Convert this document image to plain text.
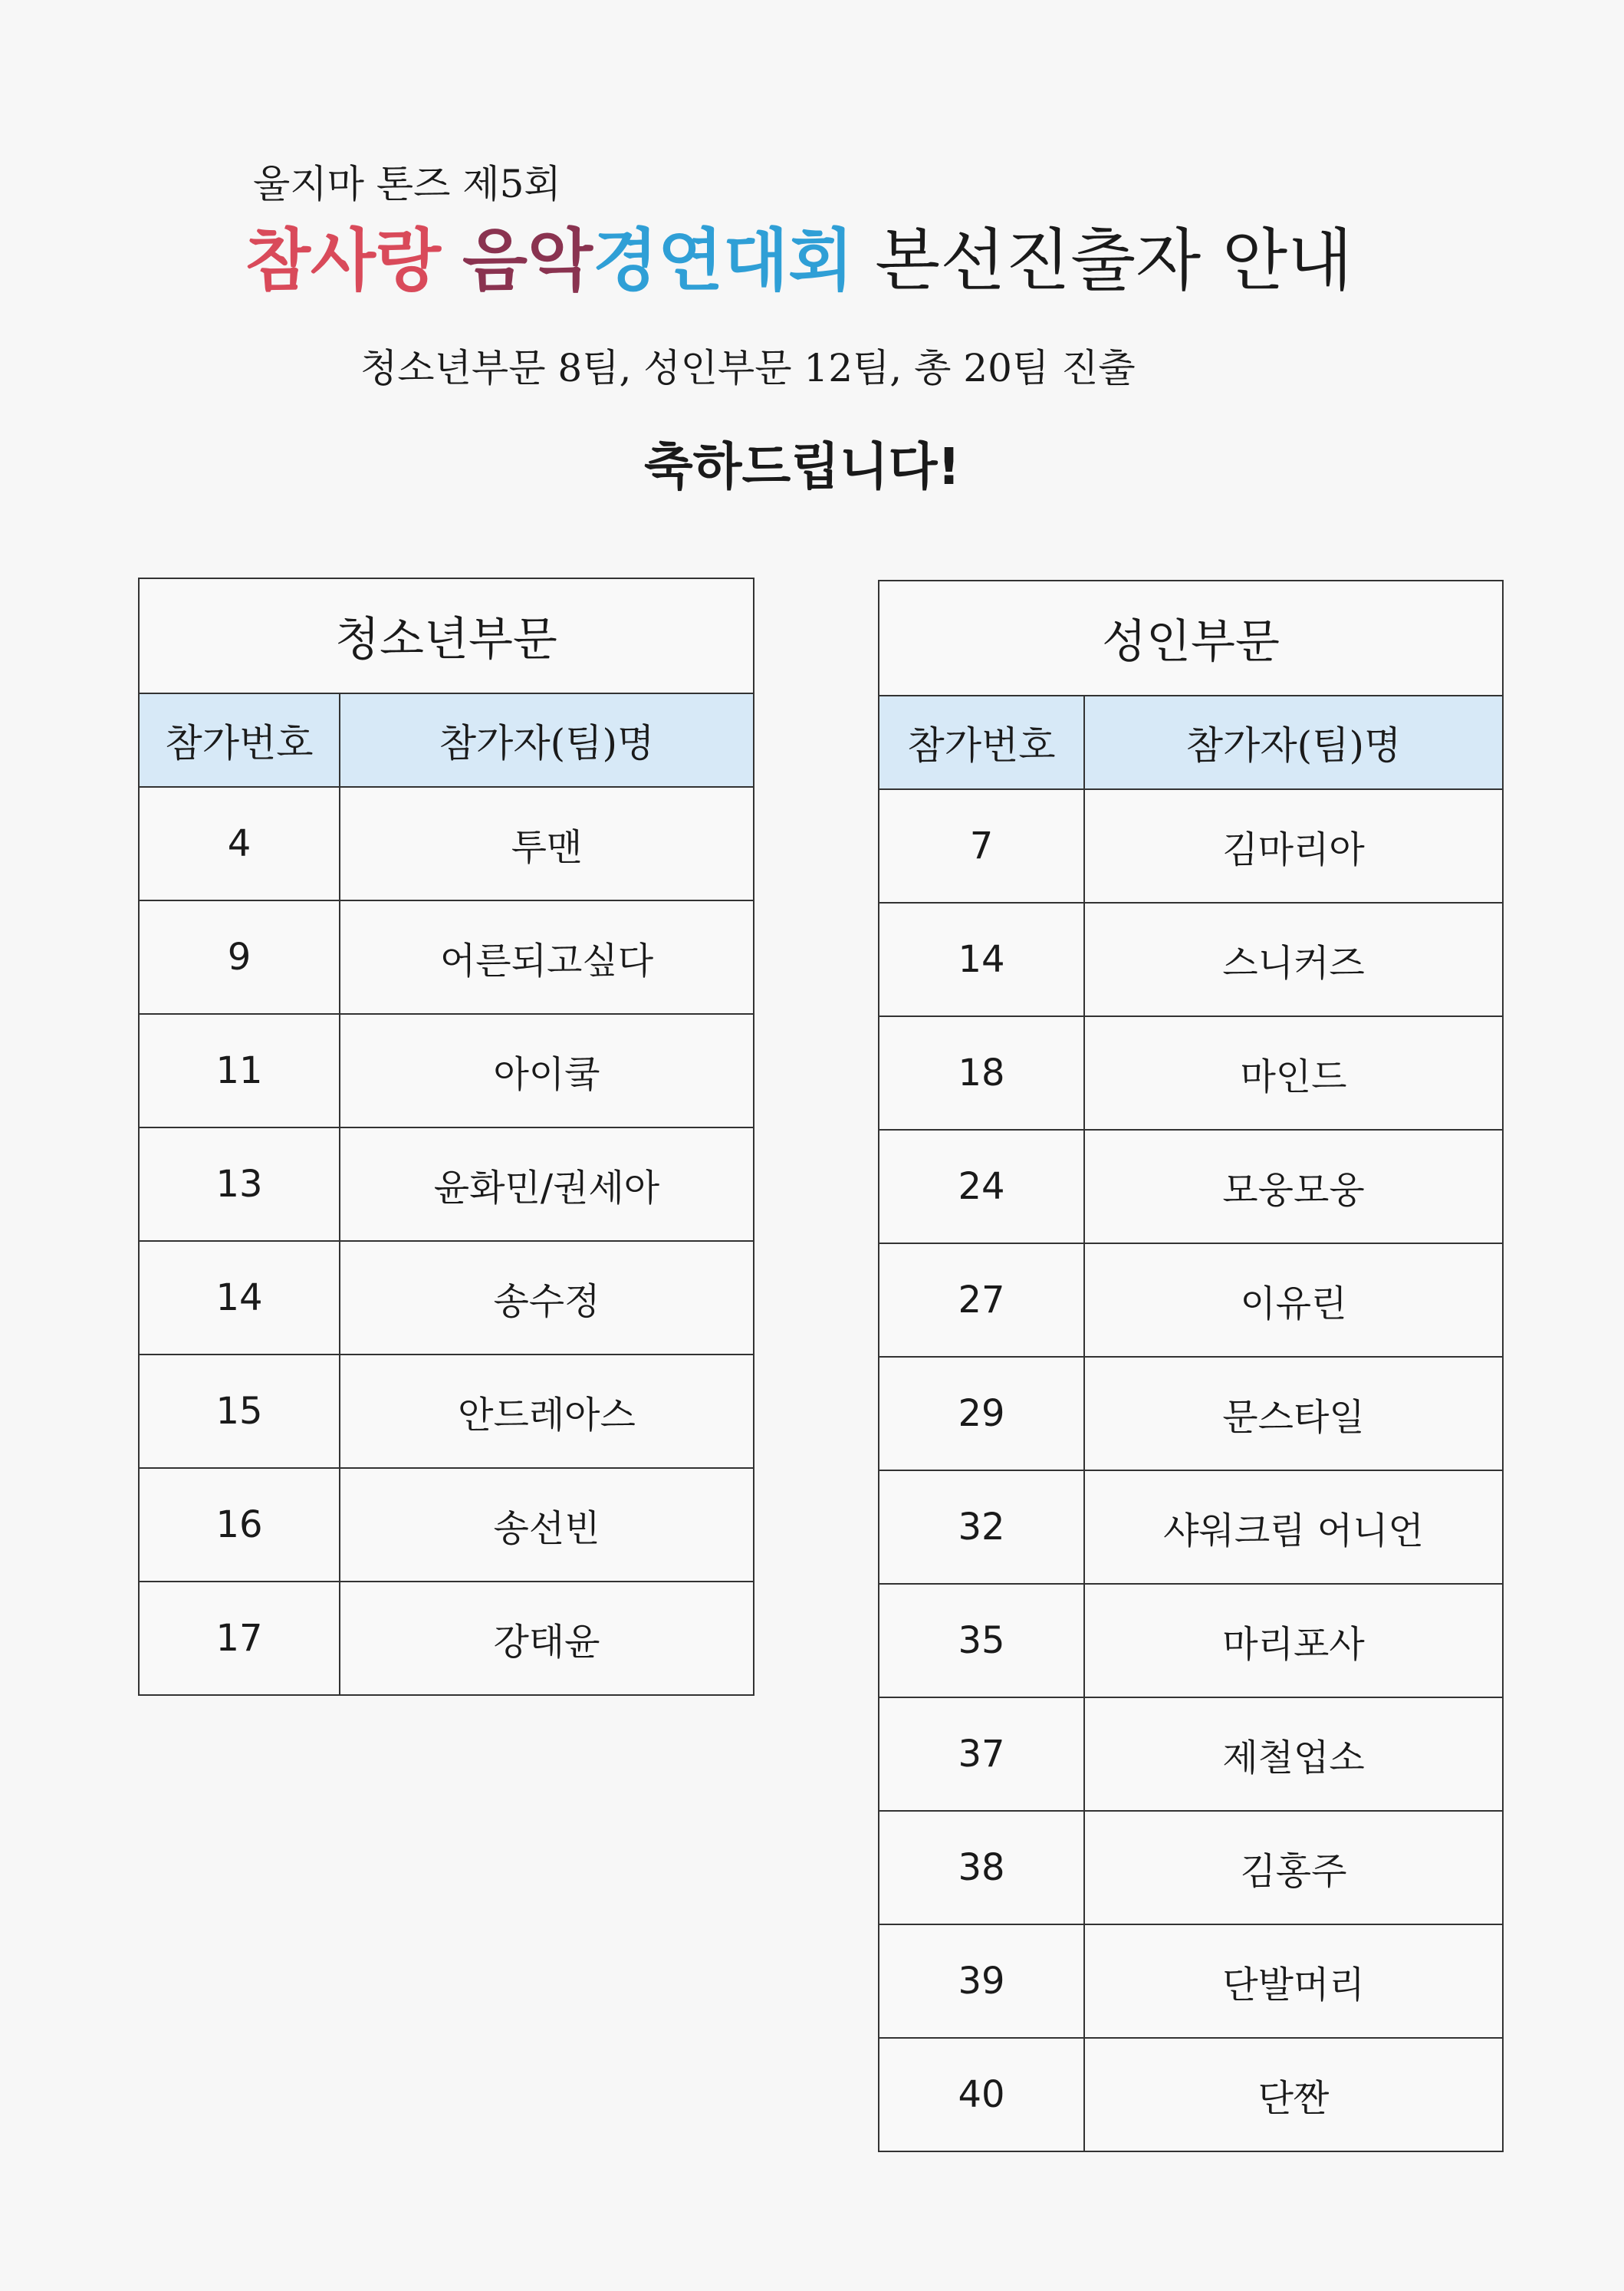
울지마 톤즈 제5회
참사랑 음악경연대회 본선진출자 안내
청소년부문 8팀, 성인부문 12팀, 총 20팀 진출
축하드립니다!
청소년부문	
참가번호	참가자(팀)명
4	투맨
9	어른되고싶다
11	아이쿸
13	윤화민/권세아
14	송수정
15	안드레아스
16	송선빈
17	강태윤
성인부문	
참가번호	참가자(팀)명
7	김마리아
14	스니커즈
18	마인드
24	모웅모웅
27	이유린
29	문스타일
32	샤워크림 어니언
35	마리포사
37	제철업소
38	김홍주
39	단발머리
40	단짠
